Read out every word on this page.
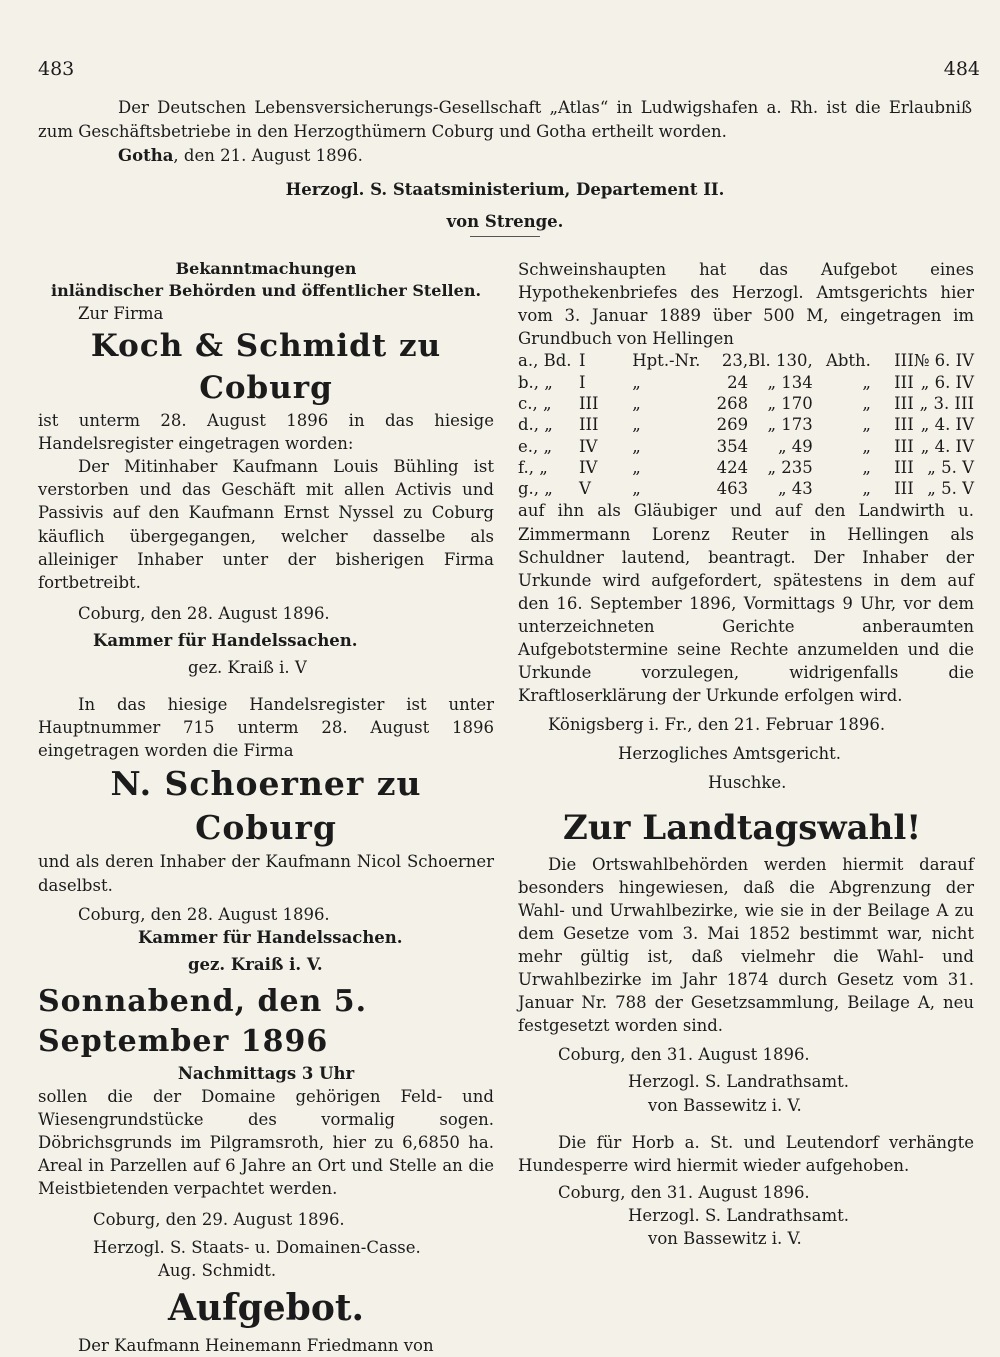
483	484

Der Deutschen Lebensversicherungs-Gesellschaft „Atlas“ in Ludwigshafen a. Rh. ist die Erlaubniß zum Geschäftsbetriebe in den Herzogthümern Coburg und Gotha ertheilt worden.

Gotha, den 21. August 1896.

Herzogl. S. Staatsministerium, Departement II.

von Strenge.

Bekanntmachungen
inländischer Behörden und öffentlicher Stellen.
Zur Firma
Koch & Schmidt zu Coburg

ist unterm 28. August 1896 in das hiesige Handelsregister eingetragen worden:

Der Mitinhaber Kaufmann Louis Bühling ist verstorben und das Geschäft mit allen Activis und Passivis auf den Kaufmann Ernst Nyssel zu Coburg käuflich übergegangen, welcher dasselbe als alleiniger Inhaber unter der bisherigen Firma fortbetreibt.

Coburg, den 28. August 1896.
Kammer für Handelssachen.
gez. Kraiß i. V

In das hiesige Handelsregister ist unter Hauptnummer 715 unterm 28. August 1896 eingetragen worden die Firma

N. Schoerner zu Coburg

und als deren Inhaber der Kaufmann Nicol Schoerner daselbst.

Coburg, den 28. August 1896.
Kammer für Handelssachen.
gez. Kraiß i. V.
Sonnabend, den 5. September 1896
Nachmittags 3 Uhr

sollen die der Domaine gehörigen Feld- und Wiesengrundstücke des vormalig sogen. Döbrichsgrunds im Pilgramsroth, hier zu 6,6850 ha. Areal in Parzellen auf 6 Jahre an Ort und Stelle an die Meistbietenden verpachtet werden.

Coburg, den 29. August 1896.
Herzogl. S. Staats- u. Domainen-Casse.
Aug. Schmidt.
Aufgebot.

Der Kaufmann Heinemann Friedmann von

Schweinshaupten hat das Aufgebot eines Hypothekenbriefes des Herzogl. Amtsgerichts hier vom 3. Januar 1889 über 500 M, eingetragen im Grundbuch von Hellingen

a., Bd.	I	Hpt.-Nr.	23,	Bl. 130,	Abth.	III	№ 6. IV
b., „	I	„	24	„ 134	„	III	„ 6. IV
c., „	III	„	268	„ 170	„	III	„ 3. III
d., „	III	„	269	„ 173	„	III	„ 4. IV
e., „	IV	„	354	„ 49	„	III	„ 4. IV
f., „	IV	„	424	„ 235	„	III	„ 5. V
g., „	V	„	463	„ 43	„	III	„ 5. V

auf ihn als Gläubiger und auf den Landwirth u. Zimmermann Lorenz Reuter in Hellingen als Schuldner lautend, beantragt. Der Inhaber der Urkunde wird aufgefordert, spätestens in dem auf den 16. September 1896, Vormittags 9 Uhr, vor dem unterzeichneten Gerichte anberaumten Aufgebotstermine seine Rechte anzumelden und die Urkunde vorzulegen, widrigenfalls die Kraftloserklärung der Urkunde erfolgen wird.

Königsberg i. Fr., den 21. Februar 1896.
Herzogliches Amtsgericht.
Huschke.
Zur Landtagswahl!

Die Ortswahlbehörden werden hiermit darauf besonders hingewiesen, daß die Abgrenzung der Wahl- und Urwahlbezirke, wie sie in der Beilage A zu dem Gesetze vom 3. Mai 1852 bestimmt war, nicht mehr gültig ist, daß vielmehr die Wahl- und Urwahlbezirke im Jahr 1874 durch Gesetz vom 31. Januar Nr. 788 der Gesetzsammlung, Beilage A, neu festgesetzt worden sind.

Coburg, den 31. August 1896.
Herzogl. S. Landrathsamt.
von Bassewitz i. V.

Die für Horb a. St. und Leutendorf verhängte Hundesperre wird hiermit wieder aufgehoben.

Coburg, den 31. August 1896.
Herzogl. S. Landrathsamt.
von Bassewitz i. V.
